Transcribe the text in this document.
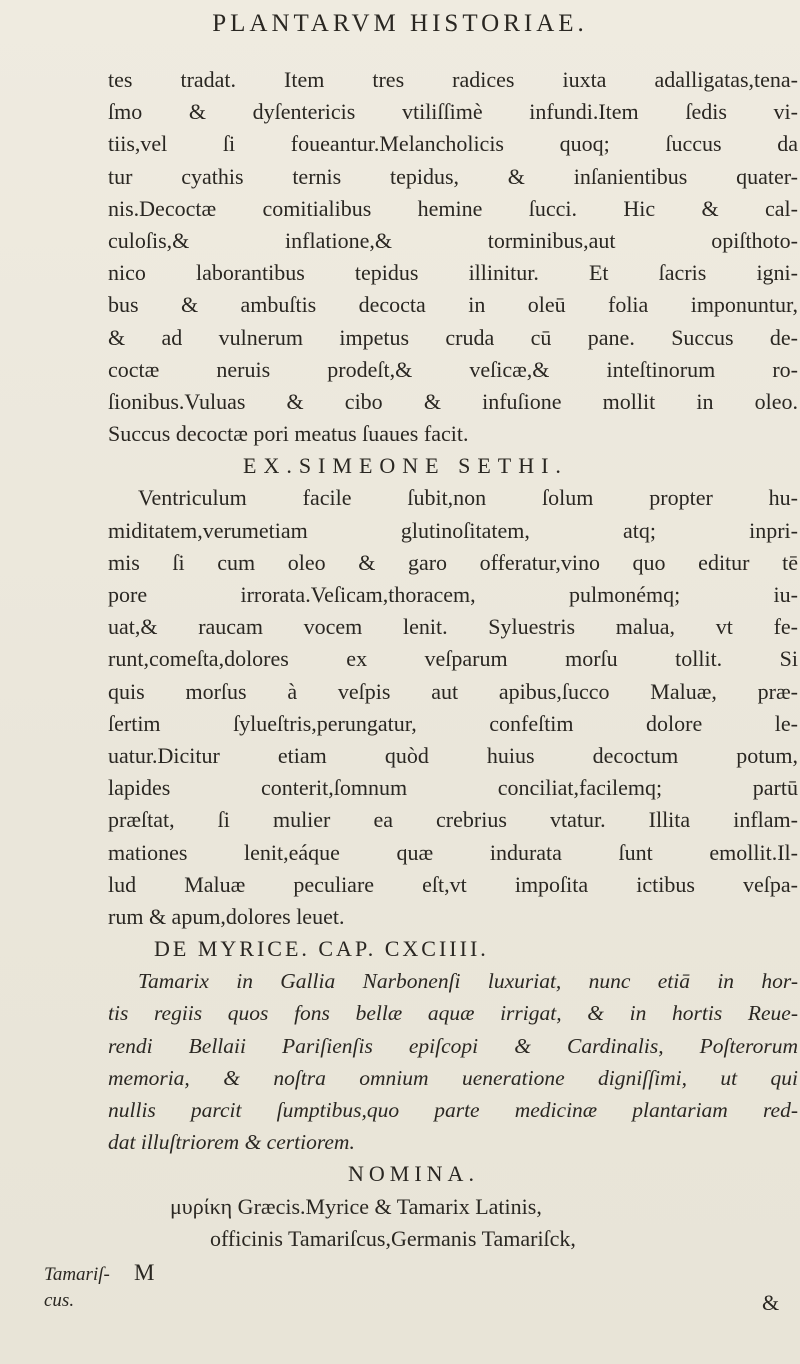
PLANTARVM HISTORIAE.
tes tradat. Item tres radices iuxta adalligatas,tena-
ſmo & dyſentericis vtiliſſimè infundi.Item ſedis vi-
tiis,vel ſi foueantur.Melancholicis quoq; ſuccus da
tur cyathis ternis tepidus, & inſanientibus quater-
nis.Decoctæ comitialibus hemine ſucci. Hic & cal-
culoſis,& inflatione,& torminibus,aut opiſthoto-
nico laborantibus tepidus illinitur. Et ſacris igni-
bus & ambuſtis decocta in oleū folia imponuntur,
& ad vulnerum impetus cruda cū pane. Succus de-
coctæ neruis prodeſt,& veſicæ,& inteſtinorum ro-
ſionibus.Vuluas & cibo & infuſione mollit in oleo.
Succus decoctæ pori meatus ſuaues facit.
EX.SIMEONE SETHI.
Ventriculum facile ſubit,non ſolum propter hu-
miditatem,verumetiam glutinoſitatem, atq; inpri-
mis ſi cum oleo & garo offeratur,vino quo editur tē
pore irrorata.Veſicam,thoracem, pulmonémq; iu-
uat,& raucam vocem lenit. Syluestris malua, vt fe-
runt,comeſta,dolores ex veſparum morſu tollit. Si
quis morſus à veſpis aut apibus,ſucco Maluæ, præ-
ſertim ſylueſtris,perungatur, confeſtim dolore le-
uatur.Dicitur etiam quòd huius decoctum potum,
lapides conterit,ſomnum conciliat,facilemq; partū
præſtat, ſi mulier ea crebrius vtatur. Illita inflam-
mationes lenit,eáque quæ indurata ſunt emollit.Il-
lud Maluæ peculiare eſt,vt impoſita ictibus veſpa-
rum & apum,dolores leuet.
DE MYRICE. CAP. CXCIIII.
Tamarix in Gallia Narbonenſi luxuriat, nunc etiā in hor-
tis regiis quos fons bellæ aquæ irrigat, & in hortis Reue-
rendi Bellaii Pariſienſis epiſcopi & Cardinalis, Poſterorum
memoria, & noſtra omnium ueneratione digniſſimi, ut qui
nullis parcit ſumptibus,quo parte medicinæ plantariam red-
dat illuſtriorem & certiorem.
NOMINA.
μυρίκη Græcis.Myrice & Tamarix Latinis,
officinis Tamariſcus,Germanis Tamariſck,
M
Tamariſ-cus.	&
